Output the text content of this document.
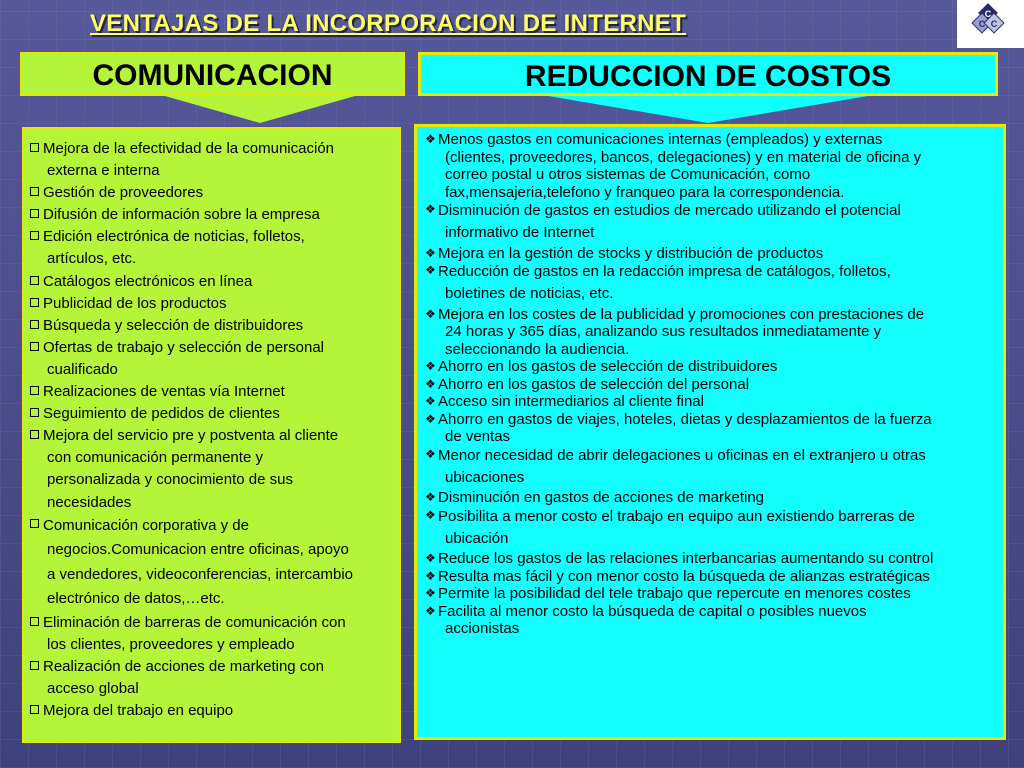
VENTAJAS DE LA INCORPORACION DE INTERNET	C
C C
COMUNICACION	REDUCCION DE COSTOS
Mejora de la efectividad de la comunicación
externa e interna
Gestión de proveedores
Difusión de información sobre la empresa
Edición electrónica de noticias, folletos,
artículos, etc.
Catálogos electrónicos en línea
Publicidad de los productos
Búsqueda y selección de distribuidores
Ofertas de trabajo y selección de personal
cualificado
Realizaciones de ventas vía Internet
Seguimiento de pedidos de clientes
Mejora del servicio pre y postventa al cliente
con comunicación permanente y
personalizada y conocimiento de sus
necesidades
Comunicación corporativa y de
negocios.Comunicacion entre oficinas, apoyo
a vendedores, videoconferencias, intercambio
electrónico de datos,…etc.
Eliminación de barreras de comunicación con
los clientes, proveedores y empleado
Realización de acciones de marketing con
acceso global
Mejora del trabajo en equipo
❖ Menos gastos en comunicaciones internas (empleados) y externas
(clientes, proveedores, bancos, delegaciones) y en material de oficina y
correo postal u otros sistemas de Comunicación, como
fax,mensajeria,telefono y franqueo para la correspondencia.
❖ Disminución de gastos en estudios de mercado utilizando el potencial
informativo de Internet
❖ Mejora en la gestión de stocks y distribución de productos
❖ Reducción de gastos en la redacción impresa de catálogos, folletos,
boletines de noticias, etc.
❖ Mejora en los costes de la publicidad y promociones con prestaciones de
24 horas y 365 días, analizando sus resultados inmediatamente y
seleccionando la audiencia.
❖ Ahorro en los gastos de selección de distribuidores
❖ Ahorro en los gastos de selección del personal
❖ Acceso sin intermediarios al cliente final
❖ Ahorro en gastos de viajes, hoteles, dietas y desplazamientos de la fuerza
de ventas
❖ Menor necesidad de abrir delegaciones u oficinas en el extranjero u otras
ubicaciones
❖ Disminución en gastos de acciones de marketing
❖ Posibilita a menor costo el trabajo en equipo aun existiendo barreras de
ubicación
❖ Reduce los gastos de las relaciones interbancarias aumentando su control
❖ Resulta mas fácil y con menor costo la búsqueda de alianzas estratégicas
❖ Permite la posibilidad del tele trabajo que repercute en menores costes
❖ Facilita al menor costo la búsqueda de capital o posibles nuevos
accionistas
